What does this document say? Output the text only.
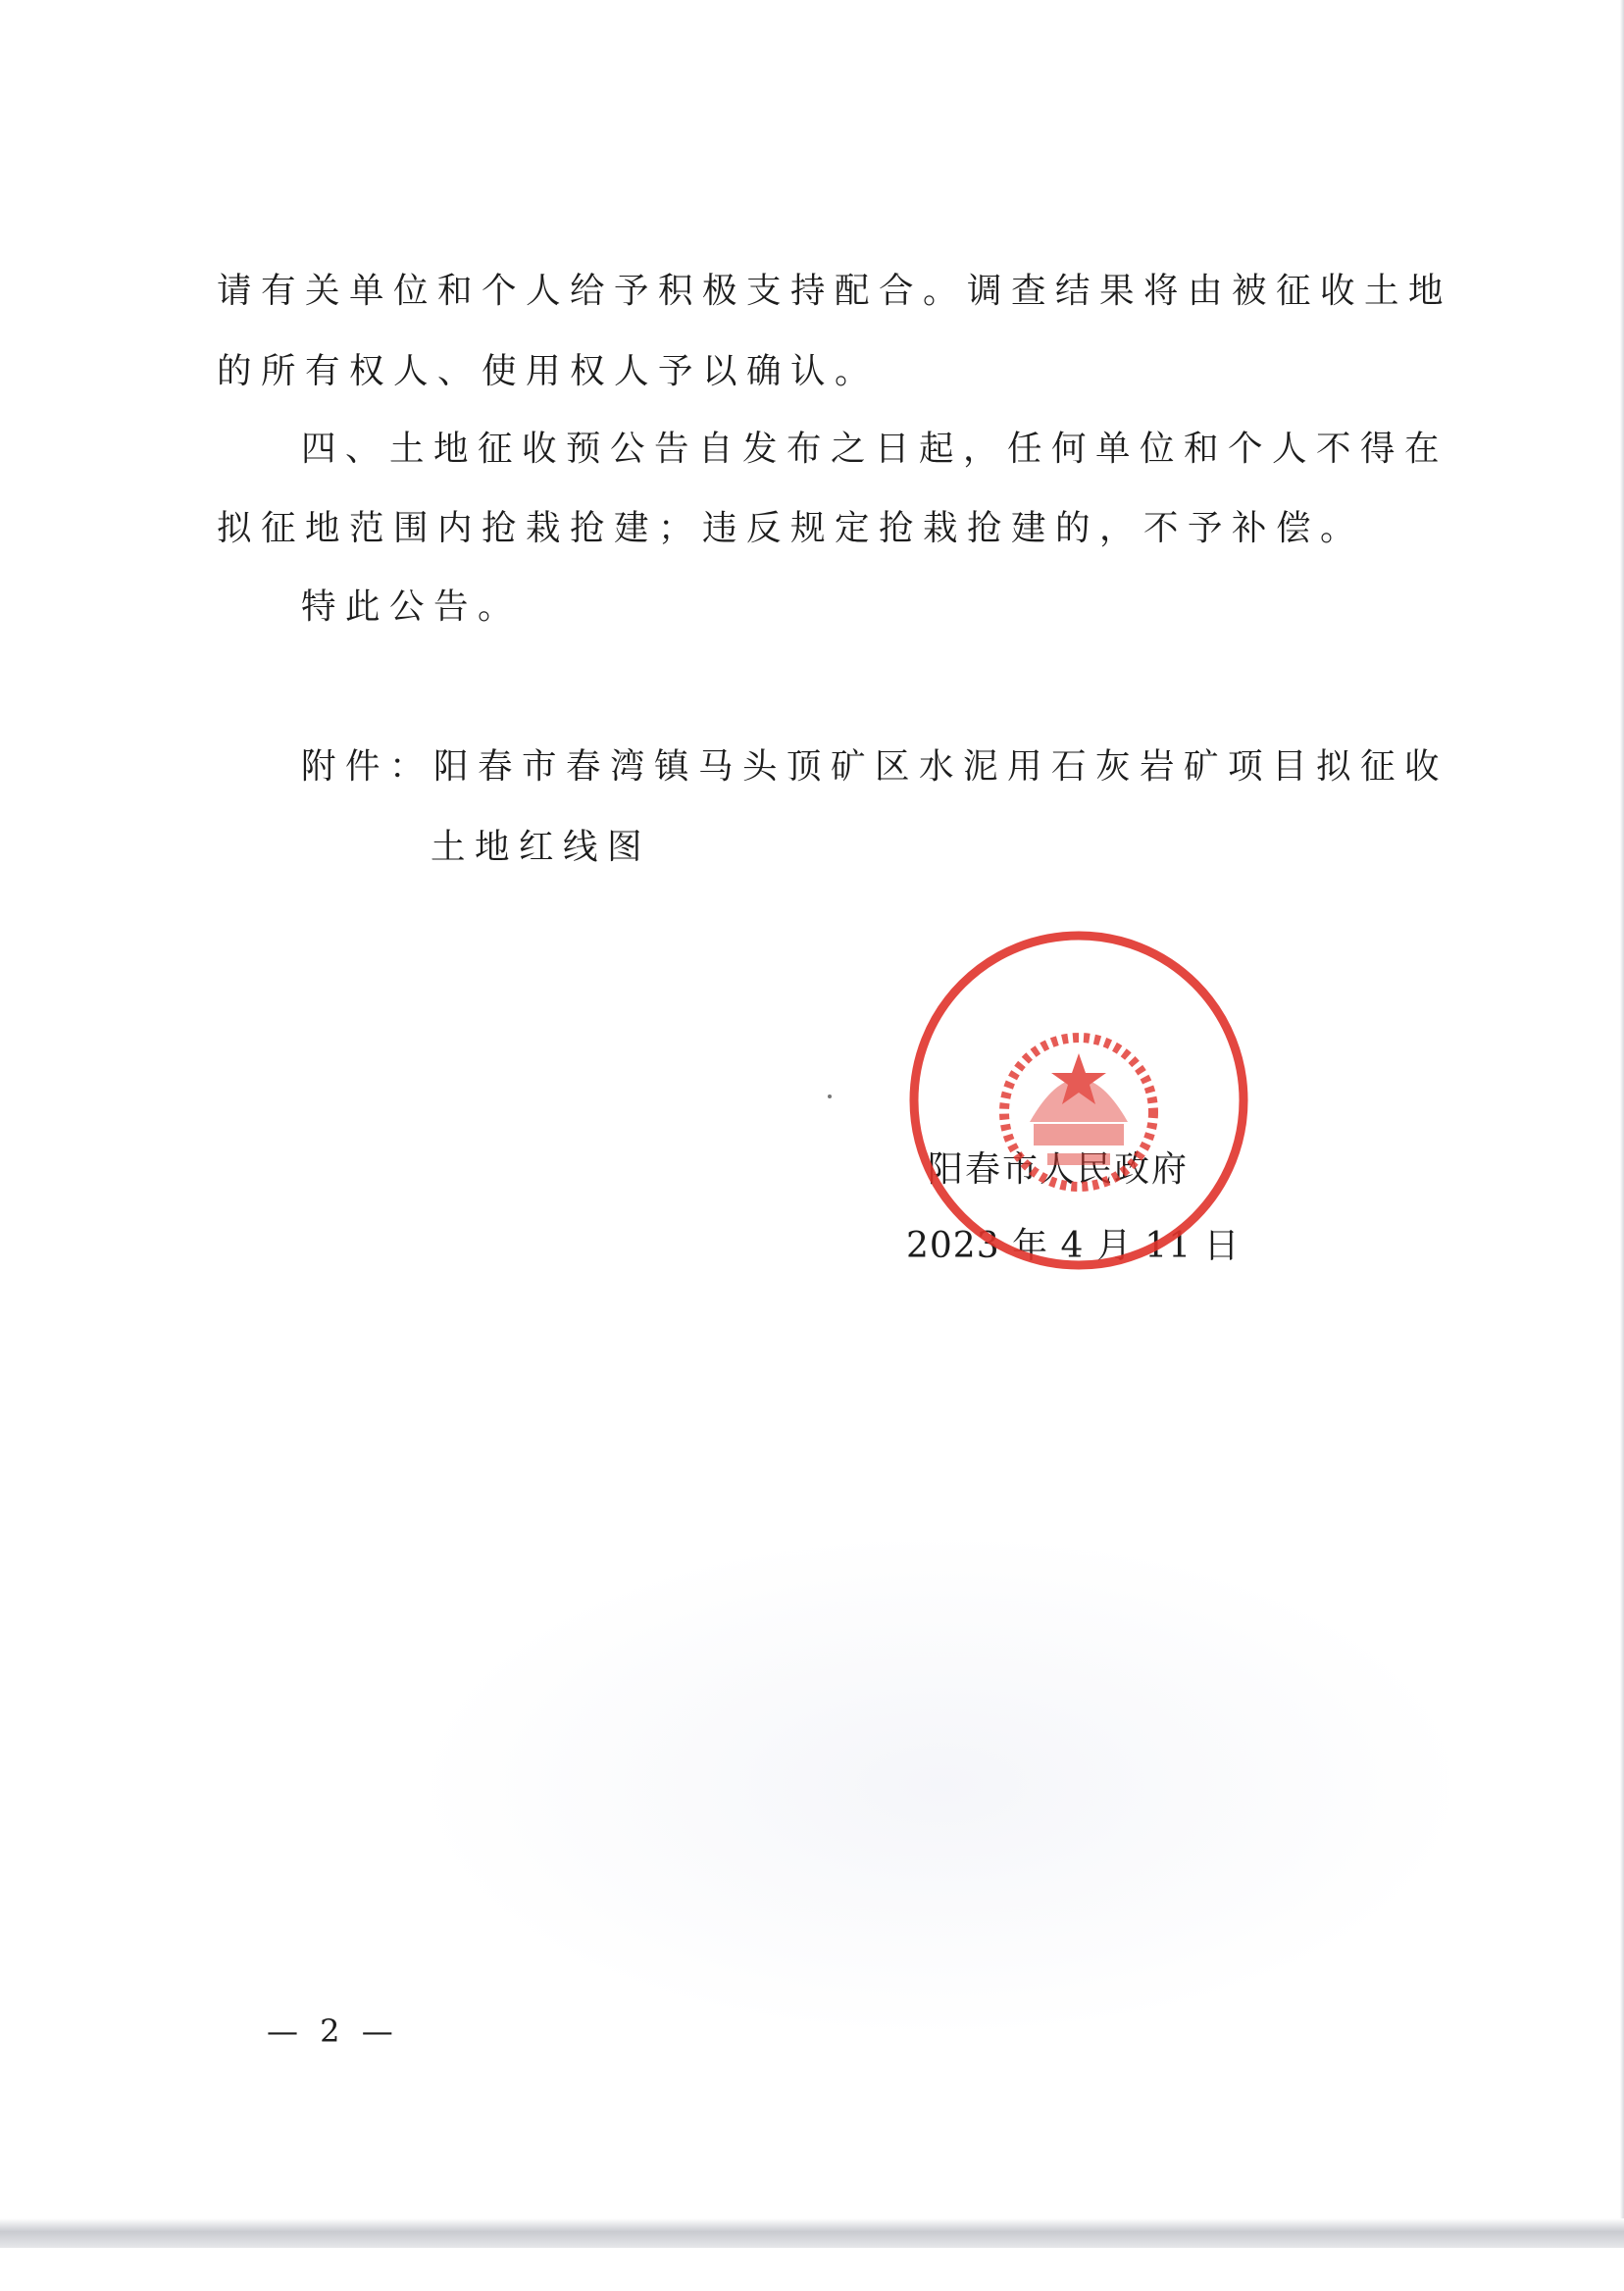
请有关单位和个人给予积极支持配合。调查结果将由被征收土地
的所有权人、使用权人予以确认。
四、土地征收预公告自发布之日起，任何单位和个人不得在
拟征地范围内抢栽抢建；违反规定抢栽抢建的，不予补偿。
特此公告。
附件：阳春市春湾镇马头顶矿区水泥用石灰岩矿项目拟征收
土地红线图
阳春市人民政府
2023 年 4 月 11 日
— 2 —
